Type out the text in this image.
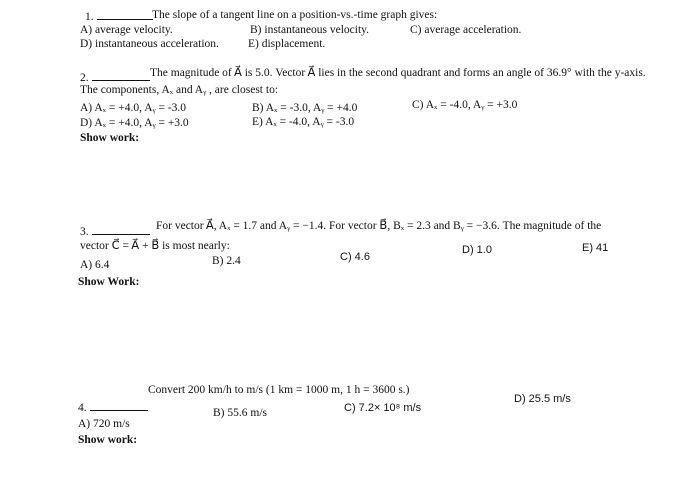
1.	The slope of a tangent line on a position-vs.-time graph gives:
A) average velocity.	B) instantaneous velocity.	C) average acceleration.
D) instantaneous acceleration.	E) displacement.
2.	The magnitude of A⃗ is 5.0. Vector A⃗ lies in the second quadrant and forms an angle of 36.9° with the y-axis.
The components, Aₓ and Aᵧ , are closest to:
A) Aₓ = +4.0, Aᵧ = -3.0	B) Aₓ = -3.0, Aᵧ = +4.0	C) Aₓ = -4.0, Aᵧ = +3.0
D) Aₓ = +4.0, Aᵧ = +3.0	E) Aₓ = -4.0, Aᵧ = -3.0
Show work:
3.	For vector A⃗, Aₓ = 1.7 and Aᵧ = −1.4. For vector B⃗, Bₓ = 2.3 and Bᵧ = −3.6. The magnitude of the
vector C⃗ = A⃗ + B⃗ is most nearly:
A) 6.4	B) 2.4	C) 4.6
D) 1.0	E) 41
Show Work:
4.
Convert 200 km/h to m/s (1 km = 1000 m, 1 h = 3600 s.)
A) 720 m/s
B) 55.6 m/s	C) 7.2× 10⁸ m/s
D) 25.5 m/s
Show work:
